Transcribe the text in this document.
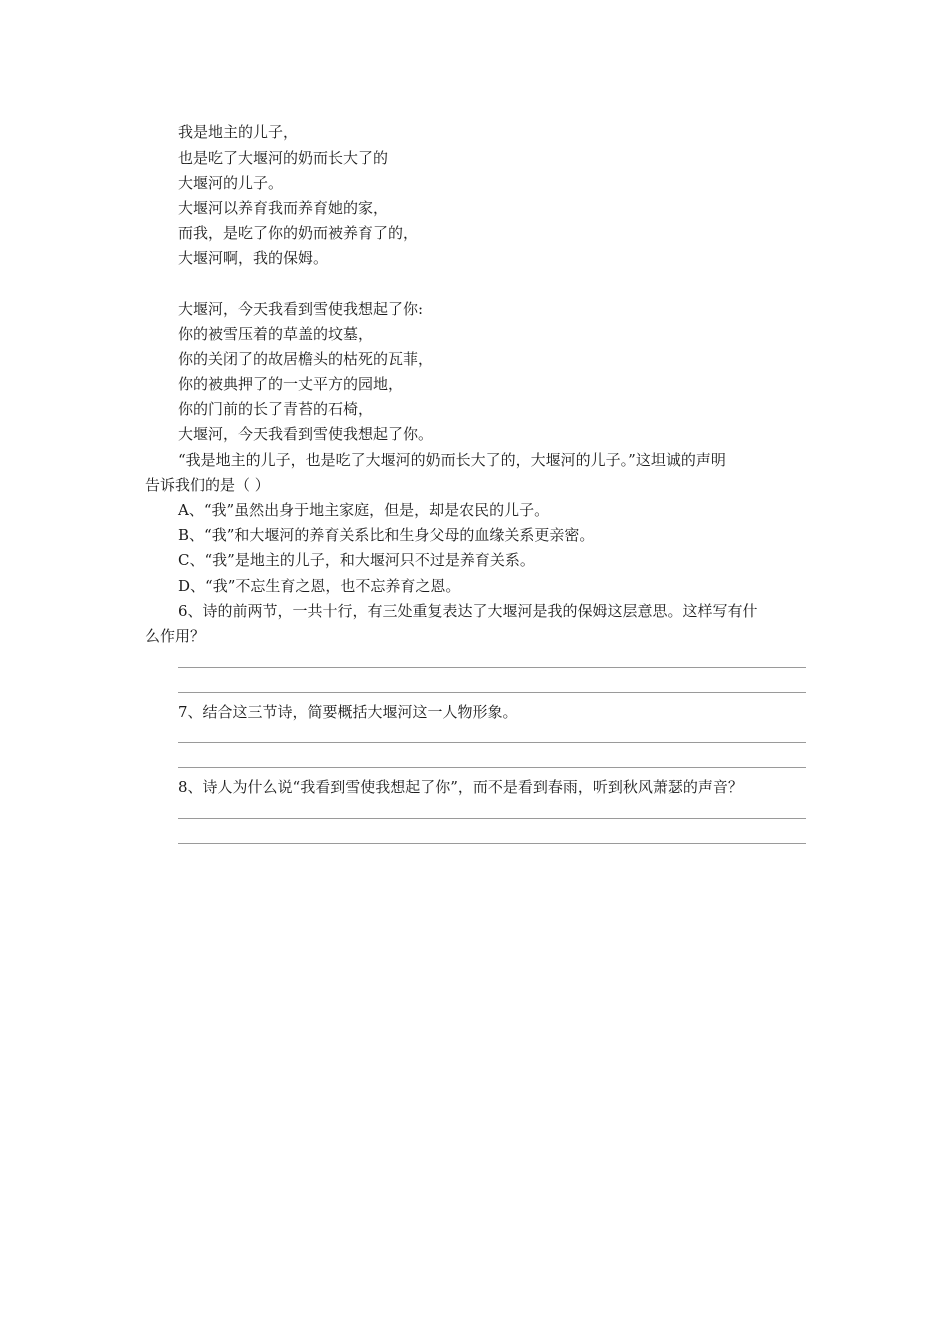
我是地主的儿子，
也是吃了大堰河的奶而长大了的
大堰河的儿子。
大堰河以养育我而养育她的家，
而我，是吃了你的奶而被养育了的，
大堰河啊，我的保姆。
大堰河，今天我看到雪使我想起了你:
你的被雪压着的草盖的坟墓，
你的关闭了的故居檐头的枯死的瓦菲，
你的被典押了的一丈平方的园地，
你的门前的长了青苔的石椅，
大堰河，今天我看到雪使我想起了你。
“我是地主的儿子，也是吃了大堰河的奶而长大了的，大堰河的儿子。”这坦诚的声明
告诉我们的是（ ）
A、“我”虽然出身于地主家庭，但是，却是农民的儿子。
B、“我”和大堰河的养育关系比和生身父母的血缘关系更亲密。
C、“我”是地主的儿子，和大堰河只不过是养育关系。
D、“我”不忘生育之恩，也不忘养育之恩。
6、诗的前两节，一共十行，有三处重复表达了大堰河是我的保姆这层意思。这样写有什
么作用？
7、结合这三节诗，简要概括大堰河这一人物形象。
8、诗人为什么说“我看到雪使我想起了你”，而不是看到春雨，听到秋风萧瑟的声音？
